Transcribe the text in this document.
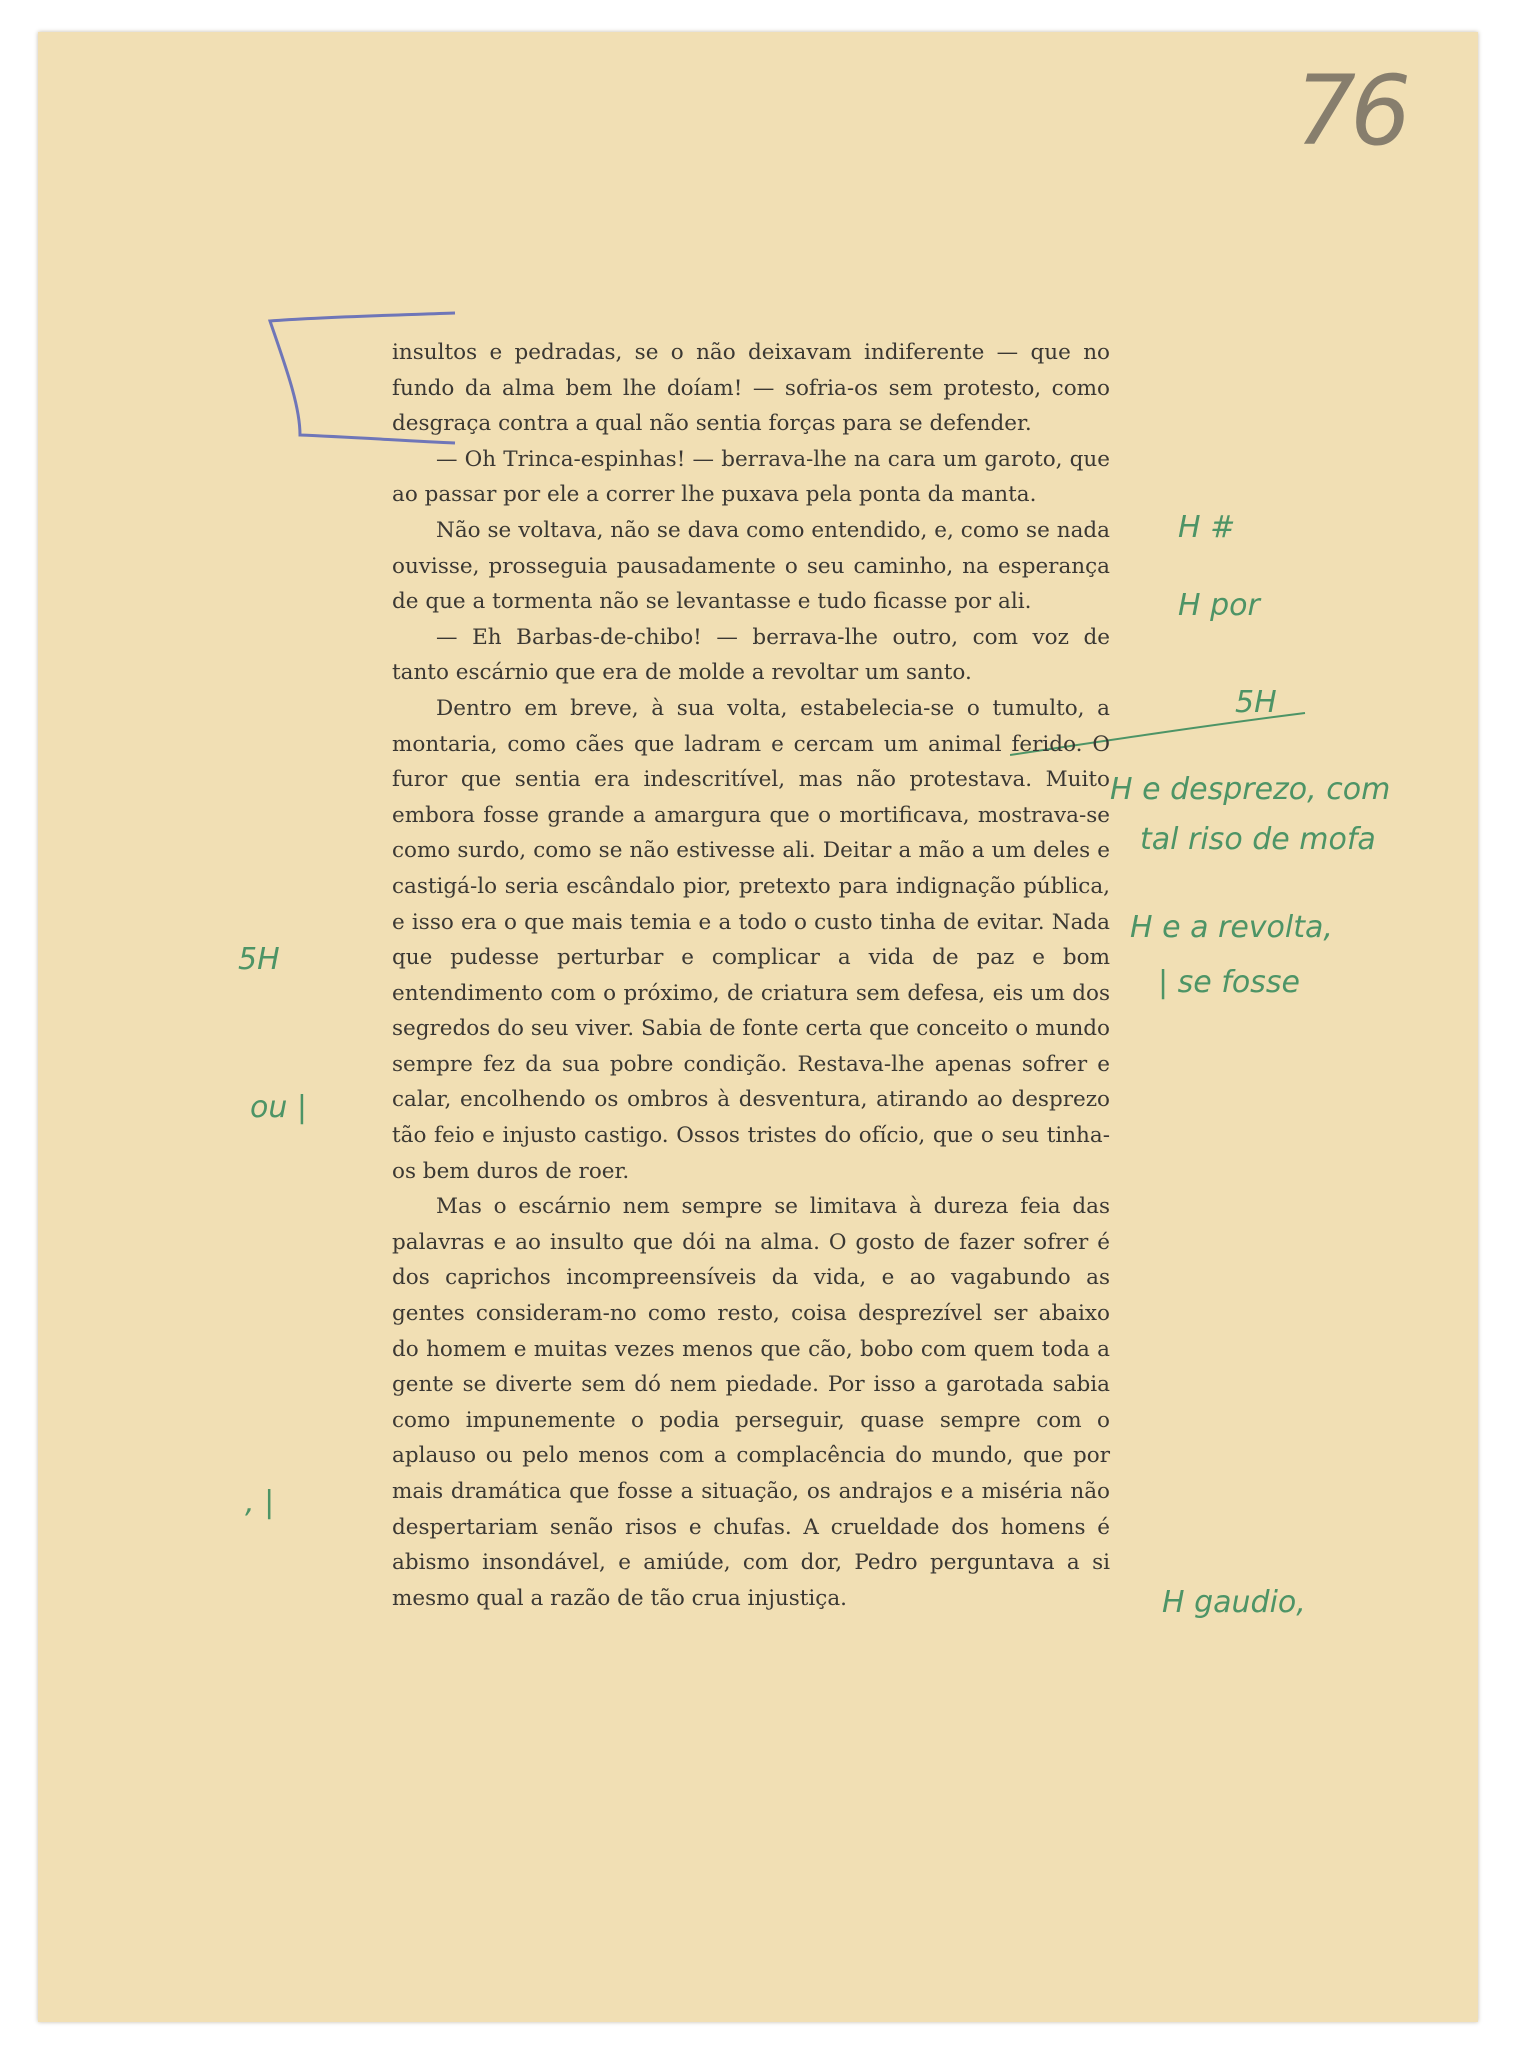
76

insultos e pedradas, se o não deixavam indiferente — que no fundo da alma bem lhe doíam! — sofria-os sem protesto, como desgraça contra a qual não sentia forças para se defender.

— Oh Trinca-espinhas! — berrava-lhe na cara um garoto, que ao passar por ele a correr lhe puxava pela ponta da manta.

Não se voltava, não se dava como entendido, e, como se nada ouvisse, prosseguia pausadamente o seu caminho, na esperança de que a tormenta não se levantasse e tudo ficasse por ali.

— Eh Barbas-de-chibo! — berrava-lhe outro, com voz de tanto escárnio que era de molde a revoltar um santo.

Dentro em breve, à sua volta, estabelecia-se o tumulto, a montaria, como cães que ladram e cercam um animal ferido. O furor que sentia era indescritível, mas não protestava. Muito embora fosse grande a amargura que o mortificava, mostrava-se como surdo, como se não estivesse ali. Deitar a mão a um deles e castigá-lo seria escândalo pior, pretexto para indignação pública, e isso era o que mais temia e a todo o custo tinha de evitar. Nada que pudesse perturbar e complicar a vida de paz e bom entendimento com o próximo, de criatura sem defesa, eis um dos segredos do seu viver. Sabia de fonte certa que conceito o mundo sempre fez da sua pobre condição. Restava-lhe apenas sofrer e calar, encolhendo os ombros à desventura, atirando ao desprezo tão feio e injusto castigo. Ossos tristes do ofício, que o seu tinha-os bem duros de roer.

Mas o escárnio nem sempre se limitava à dureza feia das palavras e ao insulto que dói na alma. O gosto de fazer sofrer é dos caprichos incompreensíveis da vida, e ao vagabundo as gentes consideram-no como resto, coisa desprezível ser abaixo do homem e muitas vezes menos que cão, bobo com quem toda a gente se diverte sem dó nem piedade. Por isso a garotada sabia como impunemente o podia perseguir, quase sempre com o aplauso ou pelo menos com a complacência do mundo, que por mais dramática que fosse a situação, os andrajos e a miséria não despertariam senão risos e chufas. A crueldade dos homens é abismo insondável, e amiúde, com dor, Pedro perguntava a si mesmo qual a razão de tão crua injustiça.

H #
H por
5H
H e desprezo, com
tal riso de mofa
H e a revolta,
| se fosse
H gaudio,
5H
ou |
, |
